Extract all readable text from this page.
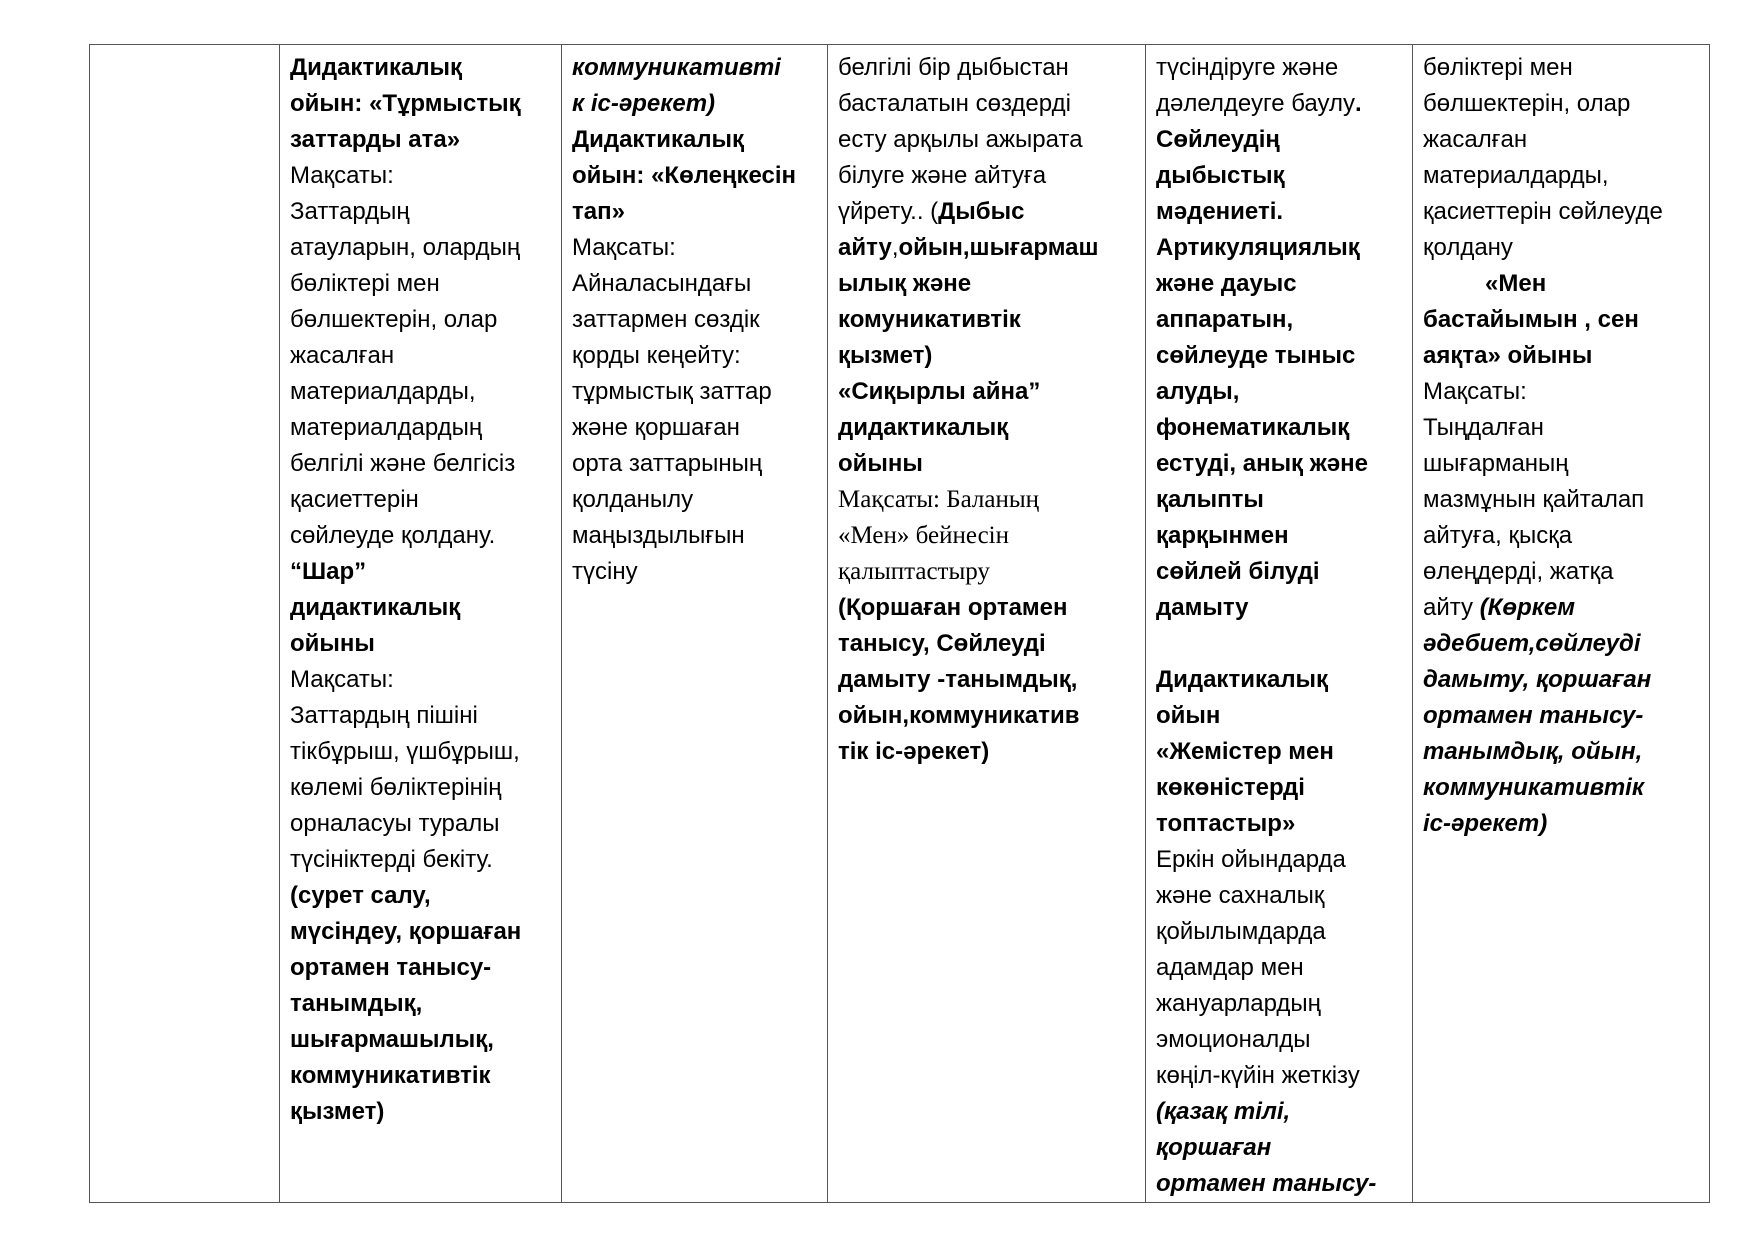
	Дидактикалық
ойын: «Тұрмыстық
заттарды ата»
Мақсаты:
Заттардың
атауларын, олардың
бөліктері мен
бөлшектерін, олар
жасалған
материалдарды,
материалдардың
белгілі және белгісіз
қасиеттерін
сөйлеуде қолдану.
“Шар”
дидактикалық
ойыны
Мақсаты:
Заттардың пішіні
тікбұрыш, үшбұрыш,
көлемі бөліктерінің
орналасуы туралы
түсініктерді бекіту.
(сурет салу,
мүсіндеу, қоршаған
ортамен танысу-
танымдық,
шығармашылық,
коммуникативтік
қызмет)	коммуникативті
к іс-әрекет)
Дидактикалық
ойын: «Көлеңкесін
тап»
Мақсаты:
Айналасындағы
заттармен сөздік
қорды кеңейту:
тұрмыстық заттар
және қоршаған
орта заттарының
қолданылу
маңыздылығын
түсіну	белгілі бір дыбыстан
басталатын сөздерді
есту арқылы ажырата
білуге және айтуға
үйрету.. (Дыбыс
айту,ойын,шығармаш
ылық және
комуникативтік
қызмет)
«Сиқырлы айна”
дидактикалық
ойыны
Мақсаты: Баланың
«Мен» бейнесін
қалыптастыру
(Қоршаған ортамен
танысу, Сөйлеуді
дамыту -танымдық,
ойын,коммуникатив
тік іс-әрекет)	түсіндіруге және
дәлелдеуге баулу.
Сөйлеудің
дыбыстық
мәдениеті.
Артикуляциялық
және дауыс
аппаратын,
сөйлеуде тыныс
алуды,
фонематикалық
естуді, анық және
қалыпты
қарқынмен
сөйлей білуді
дамыту

Дидактикалық
ойын
«Жемістер мен
көкөністерді
топтастыр»
Еркін ойындарда
және сахналық
қойылымдарда
адамдар мен
жануарлардың
эмоционалды
көңіл-күйін жеткізу
(қазақ тілі,
қоршаған
ортамен танысу-	бөліктері мен
бөлшектерін, олар
жасалған
материалдарды,
қасиеттерін сөйлеуде
қолдану
«Мен
бастайымын , сен
аяқта» ойыны
Мақсаты:
Тыңдалған
шығарманың
мазмұнын қайталап
айтуға, қысқа
өлеңдерді, жатқа
айту (Көркем
әдебиет,сөйлеуді
дамыту, қоршаған
ортамен танысу-
танымдық, ойын,
коммуникативтік
іс-әрекет)
